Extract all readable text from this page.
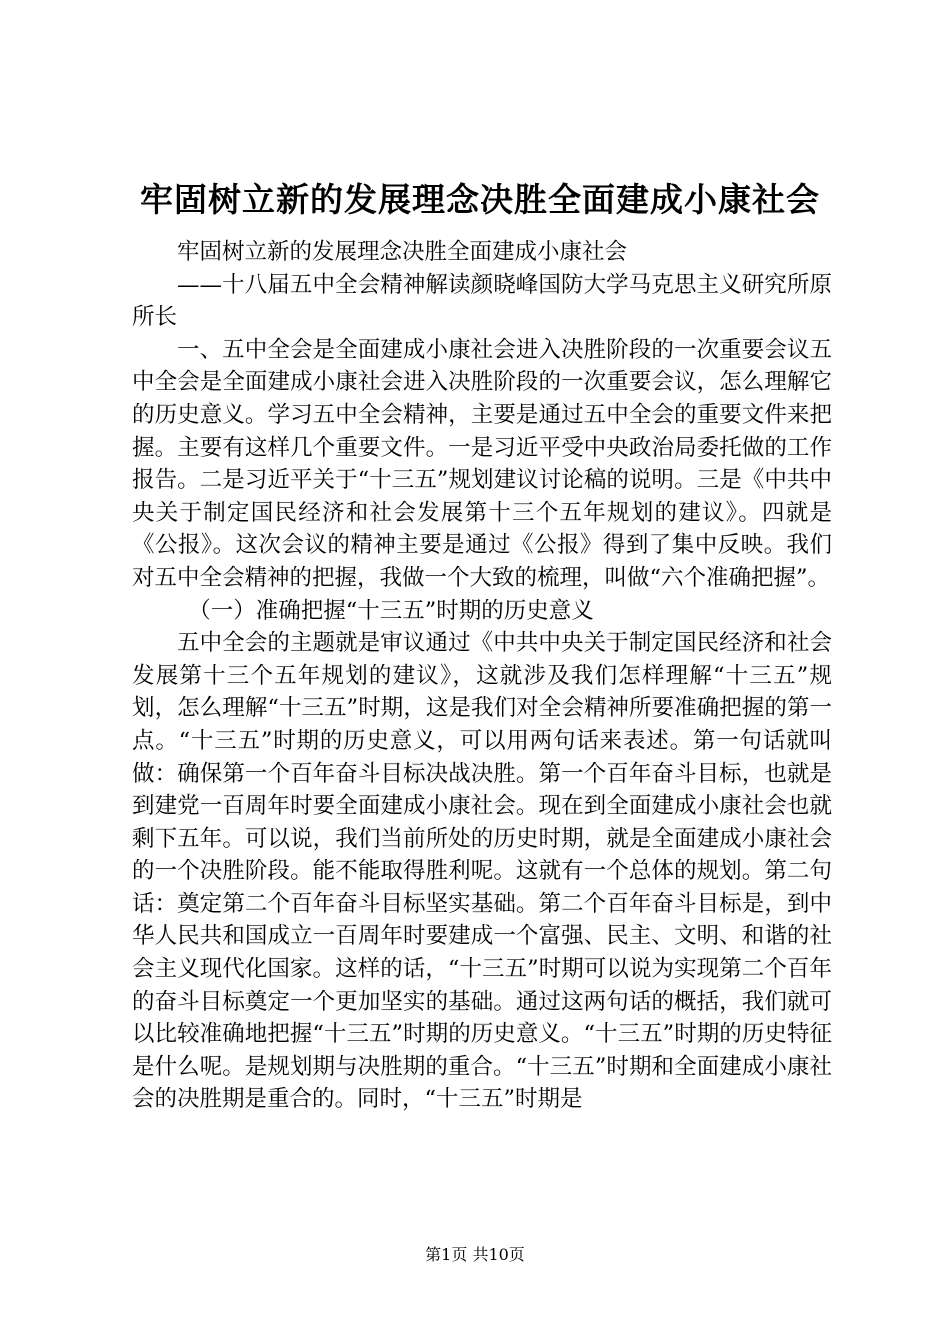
牢固树立新的发展理念决胜全面建成小康社会

牢固树立新的发展理念决胜全面建成小康社会

——十八届五中全会精神解读颜晓峰国防大学马克思主义研究所原所长

一、五中全会是全面建成小康社会进入决胜阶段的一次重要会议五中全会是全面建成小康社会进入决胜阶段的一次重要会议，怎么理解它的历史意义。学习五中全会精神，主要是通过五中全会的重要文件来把握。主要有这样几个重要文件。一是习近平受中央政治局委托做的工作报告。二是习近平关于“十三五”规划建议讨论稿的说明。三是《中共中央关于制定国民经济和社会发展第十三个五年规划的建议》。四就是《公报》。这次会议的精神主要是通过《公报》得到了集中反映。我们对五中全会精神的把握，我做一个大致的梳理，叫做“六个准确把握”。

（一）准确把握“十三五”时期的历史意义

五中全会的主题就是审议通过《中共中央关于制定国民经济和社会发展第十三个五年规划的建议》，这就涉及我们怎样理解“十三五”规划，怎么理解“十三五”时期，这是我们对全会精神所要准确把握的第一点。“十三五”时期的历史意义，可以用两句话来表述。第一句话就叫做：确保第一个百年奋斗目标决战决胜。第一个百年奋斗目标，也就是到建党一百周年时要全面建成小康社会。现在到全面建成小康社会也就剩下五年。可以说，我们当前所处的历史时期，就是全面建成小康社会的一个决胜阶段。能不能取得胜利呢。这就有一个总体的规划。第二句话：奠定第二个百年奋斗目标坚实基础。第二个百年奋斗目标是，到中华人民共和国成立一百周年时要建成一个富强、民主、文明、和谐的社会主义现代化国家。这样的话，“十三五”时期可以说为实现第二个百年的奋斗目标奠定一个更加坚实的基础。通过这两句话的概括，我们就可以比较准确地把握“十三五”时期的历史意义。“十三五”时期的历史特征是什么呢。是规划期与决胜期的重合。“十三五”时期和全面建成小康社会的决胜期是重合的。同时，“十三五”时期是

第1页 共10页
